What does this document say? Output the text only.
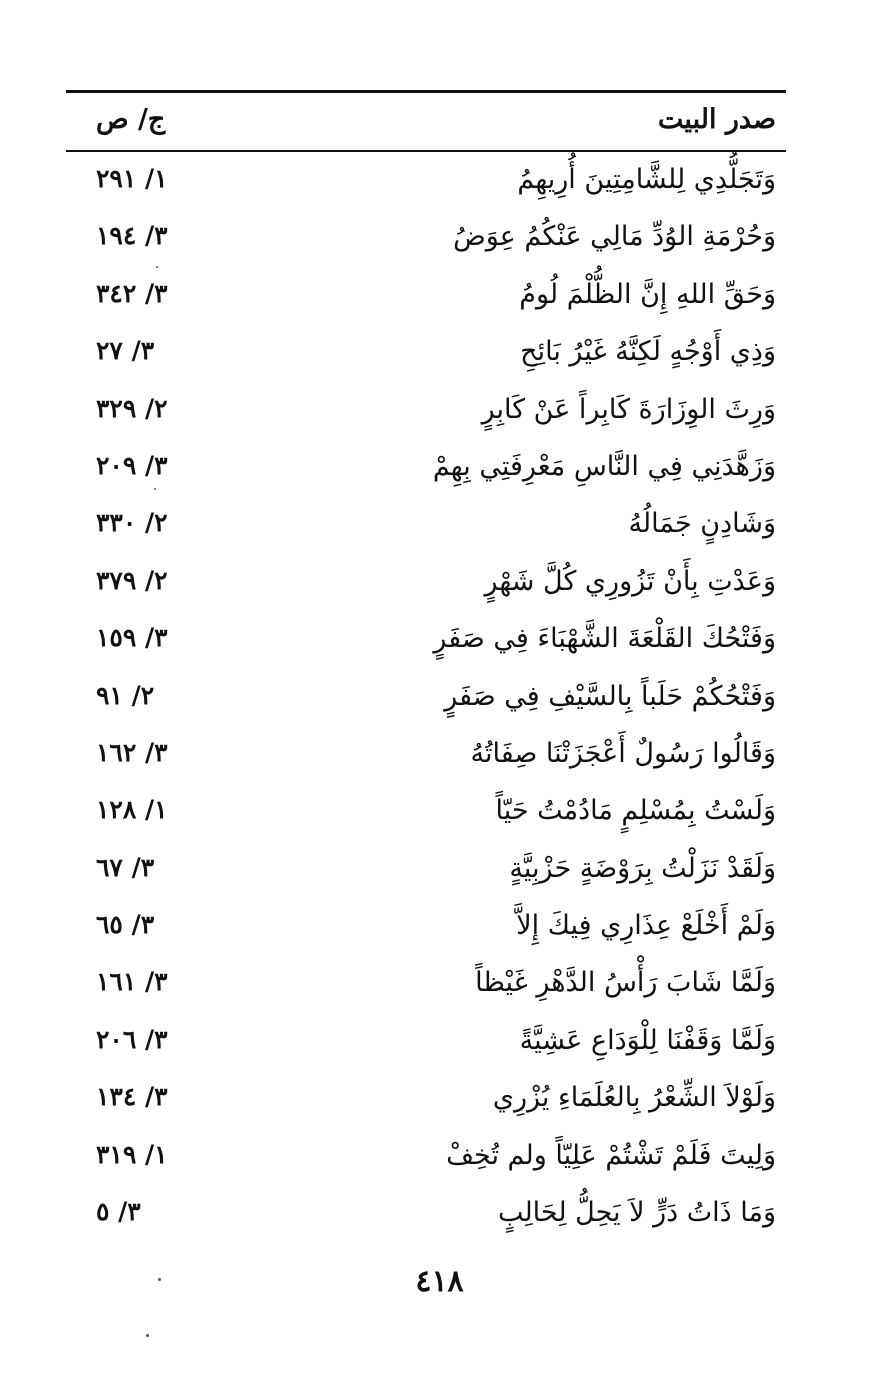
صدر البيت
ج/ ص
وَتَجَلُّدِي لِلشَّامِتِينَ أُرِيهِمُ
١/ ٢٩١
وَحُرْمَةِ الوُدِّ مَالِي عَنْكُمُ عِوَضُ
٣/ ١٩٤
وَحَقِّ اللهِ إِنَّ الظُّلْمَ لُومُ
٣/ ٣٤٢
وَذِي أَوْجُهٍ لَكِنَّهُ غَيْرُ بَائِحِ
٣/ ٢٧
وَرِثَ الوِزَارَةَ كَابِراً عَنْ كَابِرٍ
٢/ ٣٢٩
وَزَهَّدَنِي فِي النَّاسِ مَعْرِفَتِي بِهِمْ
٣/ ٢٠٩
وَشَادِنٍ جَمَالُهُ
٢/ ٣٣٠
وَعَدْتِ بِأَنْ تَزُورِي كُلَّ شَهْرٍ
٢/ ٣٧٩
وَفَتْحُكَ القَلْعَةَ الشَّهْبَاءَ فِي صَفَرٍ
٣/ ١٥٩
وَفَتْحُكُمْ حَلَباً بِالسَّيْفِ فِي صَفَرٍ
٢/ ٩١
وَقَالُوا رَسُولٌ أَعْجَزَتْنَا صِفَاتُهُ
٣/ ١٦٢
وَلَسْتُ بِمُسْلِمٍ مَادُمْتُ حَيّاً
١/ ١٢٨
وَلَقَدْ نَزَلْتُ بِرَوْضَةٍ حَزْبِيَّةٍ
٣/ ٦٧
وَلَمْ أَخْلَعْ عِذَارِي فِيكَ إِلاَّ
٣/ ٦٥
وَلَمَّا شَابَ رَأْسُ الدَّهْرِ غَيْظاً
٣/ ١٦١
وَلَمَّا وَقَفْنَا لِلْوَدَاعِ عَشِيَّةً
٣/ ٢٠٦
وَلَوْلاَ الشِّعْرُ بِالعُلَمَاءِ يُزْرِي
٣/ ١٣٤
وَلِيتَ فَلَمْ تَشْتُمْ عَلِيّاً ولم تُخِفْ
١/ ٣١٩
وَمَا ذَاتُ دَرٍّ لاَ يَحِلُّ لِحَالِبٍ
٣/ ٥
٤١٨
